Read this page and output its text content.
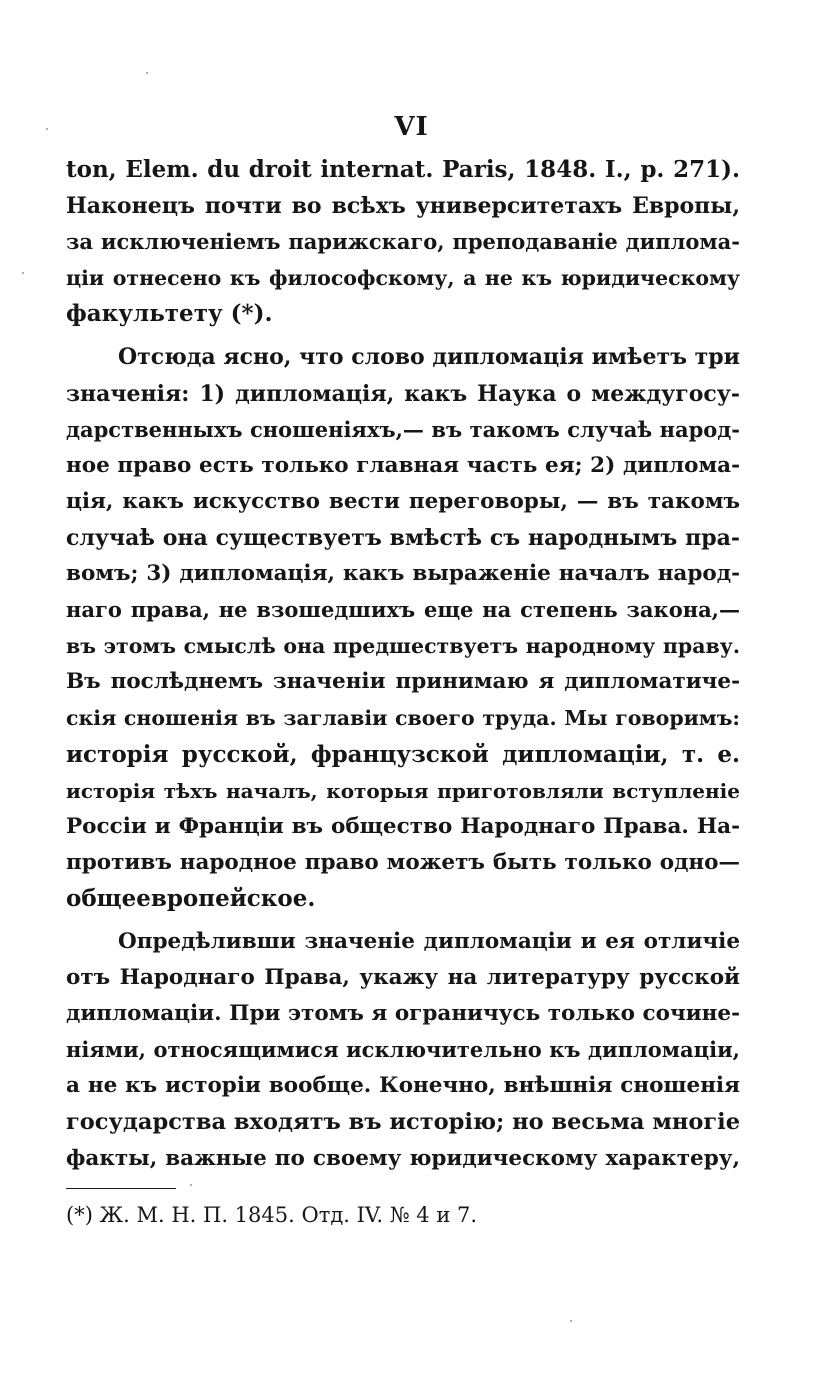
VI
ton, Elem. du droit internat. Paris, 1848. I., p. 271).
Наконецъ почти во всѣхъ университетахъ Европы,
за исключеніемъ парижскаго, преподаваніе диплома-
ціи отнесено къ философскому, а не къ юридическому
факультету (*).
Отсюда ясно, что слово дипломація имѣетъ три
значенія: 1) дипломація, какъ Наука о междугосу-
дарственныхъ сношеніяхъ,— въ такомъ случаѣ народ-
ное право есть только главная часть ея; 2) диплома-
ція, какъ искусство вести переговоры, — въ такомъ
случаѣ она существуетъ вмѣстѣ съ народнымъ пра-
вомъ; 3) дипломація, какъ выраженіе началъ народ-
наго права, не взошедшихъ еще на степень закона,—
въ этомъ смыслѣ она предшествуетъ народному праву.
Въ послѣднемъ значеніи принимаю я дипломатиче-
скія сношенія въ заглавіи своего труда. Мы говоримъ:
исторія русской, французской дипломаціи, т. е.
исторія тѣхъ началъ, которыя приготовляли вступленіе
Россіи и Франціи въ общество Народнаго Права. На-
противъ народное право можетъ быть только одно—
общеевропейское.
Опредѣливши значеніе дипломаціи и ея отличіе
отъ Народнаго Права, укажу на литературу русской
дипломаціи. При этомъ я ограничусь только сочине-
ніями, относящимися исключительно къ дипломаціи,
а не къ исторіи вообще. Конечно, внѣшнія сношенія
государства входятъ въ исторію; но весьма многіе
факты, важные по своему юридическому характеру,
(*) Ж. М. Н. П. 1845. Отд. IV. № 4 и 7.
